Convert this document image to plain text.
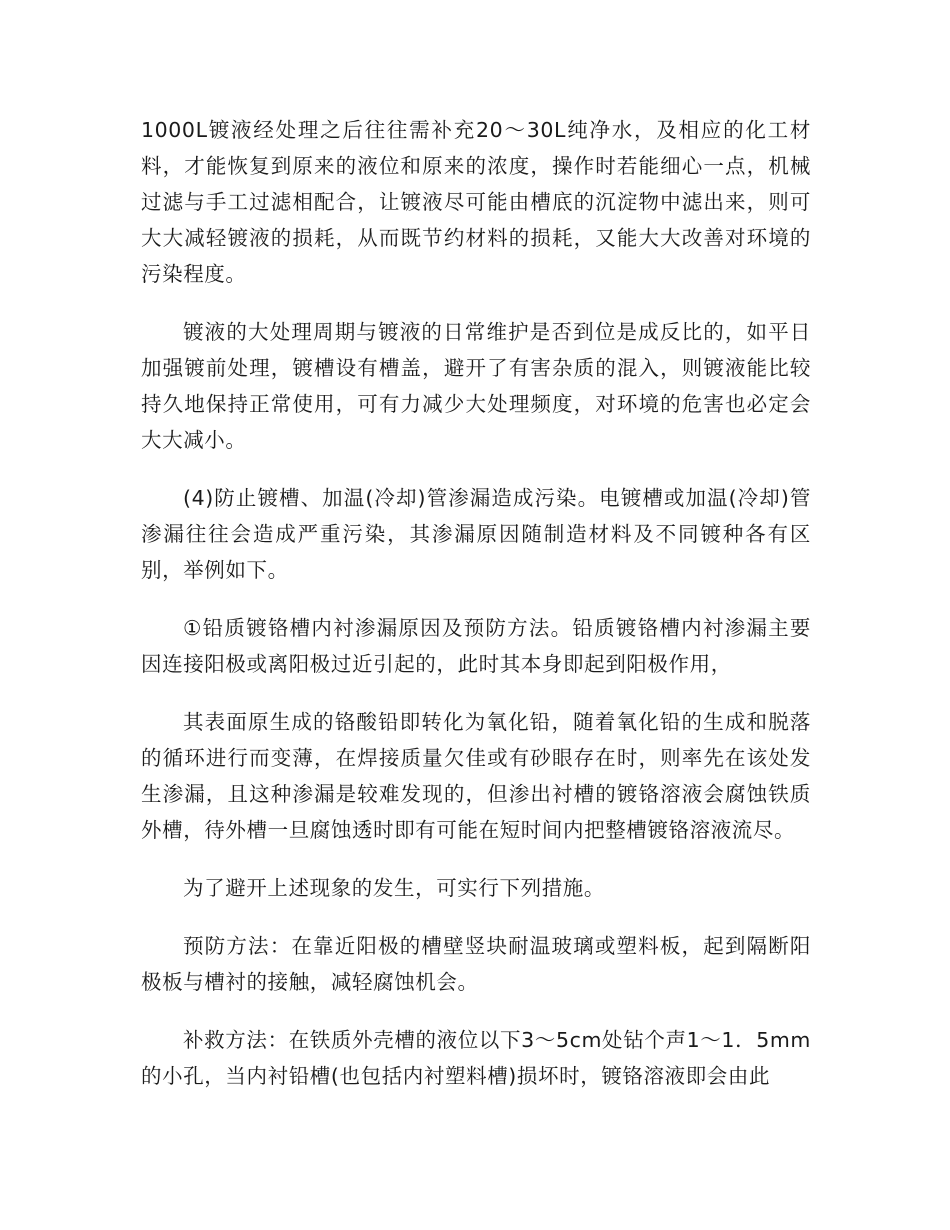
1000L镀液经处理之后往往需补充20～30L纯净水，及相应的化工材料，才能恢复到原来的液位和原来的浓度，操作时若能细心一点，机械过滤与手工过滤相配合，让镀液尽可能由槽底的沉淀物中滤出来，则可大大减轻镀液的损耗，从而既节约材料的损耗，又能大大改善对环境的污染程度。

镀液的大处理周期与镀液的日常维护是否到位是成反比的，如平日加强镀前处理，镀槽设有槽盖，避开了有害杂质的混入，则镀液能比较持久地保持正常使用，可有力减少大处理频度，对环境的危害也必定会大大减小。

(4)防止镀槽、加温(冷却)管渗漏造成污染。电镀槽或加温(冷却)管渗漏往往会造成严重污染，其渗漏原因随制造材料及不同镀种各有区别，举例如下。

①铅质镀铬槽内衬渗漏原因及预防方法。铅质镀铬槽内衬渗漏主要因连接阳极或离阳极过近引起的，此时其本身即起到阳极作用，

其表面原生成的铬酸铅即转化为氧化铅，随着氧化铅的生成和脱落的循环进行而变薄，在焊接质量欠佳或有砂眼存在时，则率先在该处发生渗漏，且这种渗漏是较难发现的，但渗出衬槽的镀铬溶液会腐蚀铁质外槽，待外槽一旦腐蚀透时即有可能在短时间内把整槽镀铬溶液流尽。

为了避开上述现象的发生，可实行下列措施。

预防方法：在靠近阳极的槽壁竖块耐温玻璃或塑料板，起到隔断阳极板与槽衬的接触，减轻腐蚀机会。

补救方法：在铁质外壳槽的液位以下3～5cm处钻个声1～1．5mm的小孔，当内衬铅槽(也包括内衬塑料槽)损坏时，镀铬溶液即会由此
